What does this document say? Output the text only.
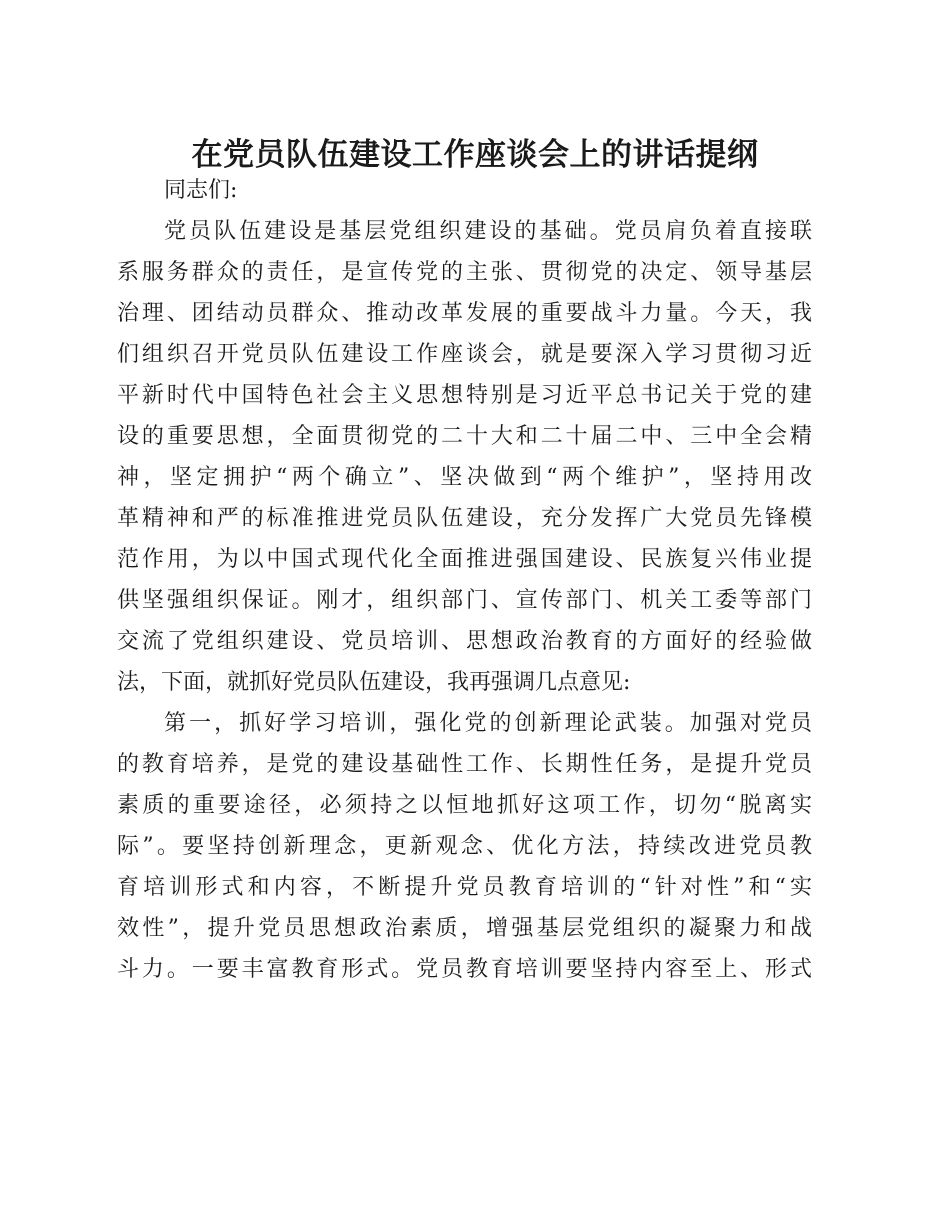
在党员队伍建设工作座谈会上的讲话提纲
同志们:
党员队伍建设是基层党组织建设的基础。党员肩负着直接联
系服务群众的责任，是宣传党的主张、贯彻党的决定、领导基层
治理、团结动员群众、推动改革发展的重要战斗力量。今天，我
们组织召开党员队伍建设工作座谈会，就是要深入学习贯彻习近
平新时代中国特色社会主义思想特别是习近平总书记关于党的建
设的重要思想，全面贯彻党的二十大和二十届二中、三中全会精
神，坚定拥护“两个确立”、坚决做到“两个维护”，坚持用改
革精神和严的标准推进党员队伍建设，充分发挥广大党员先锋模
范作用，为以中国式现代化全面推进强国建设、民族复兴伟业提
供坚强组织保证。刚才，组织部门、宣传部门、机关工委等部门
交流了党组织建设、党员培训、思想政治教育的方面好的经验做
法，下面，就抓好党员队伍建设，我再强调几点意见:
第一，抓好学习培训，强化党的创新理论武装。加强对党员
的教育培养，是党的建设基础性工作、长期性任务，是提升党员
素质的重要途径，必须持之以恒地抓好这项工作，切勿“脱离实
际”。要坚持创新理念，更新观念、优化方法，持续改进党员教
育培训形式和内容，不断提升党员教育培训的“针对性”和“实
效性”，提升党员思想政治素质，增强基层党组织的凝聚力和战
斗力。一要丰富教育形式。党员教育培训要坚持内容至上、形式
